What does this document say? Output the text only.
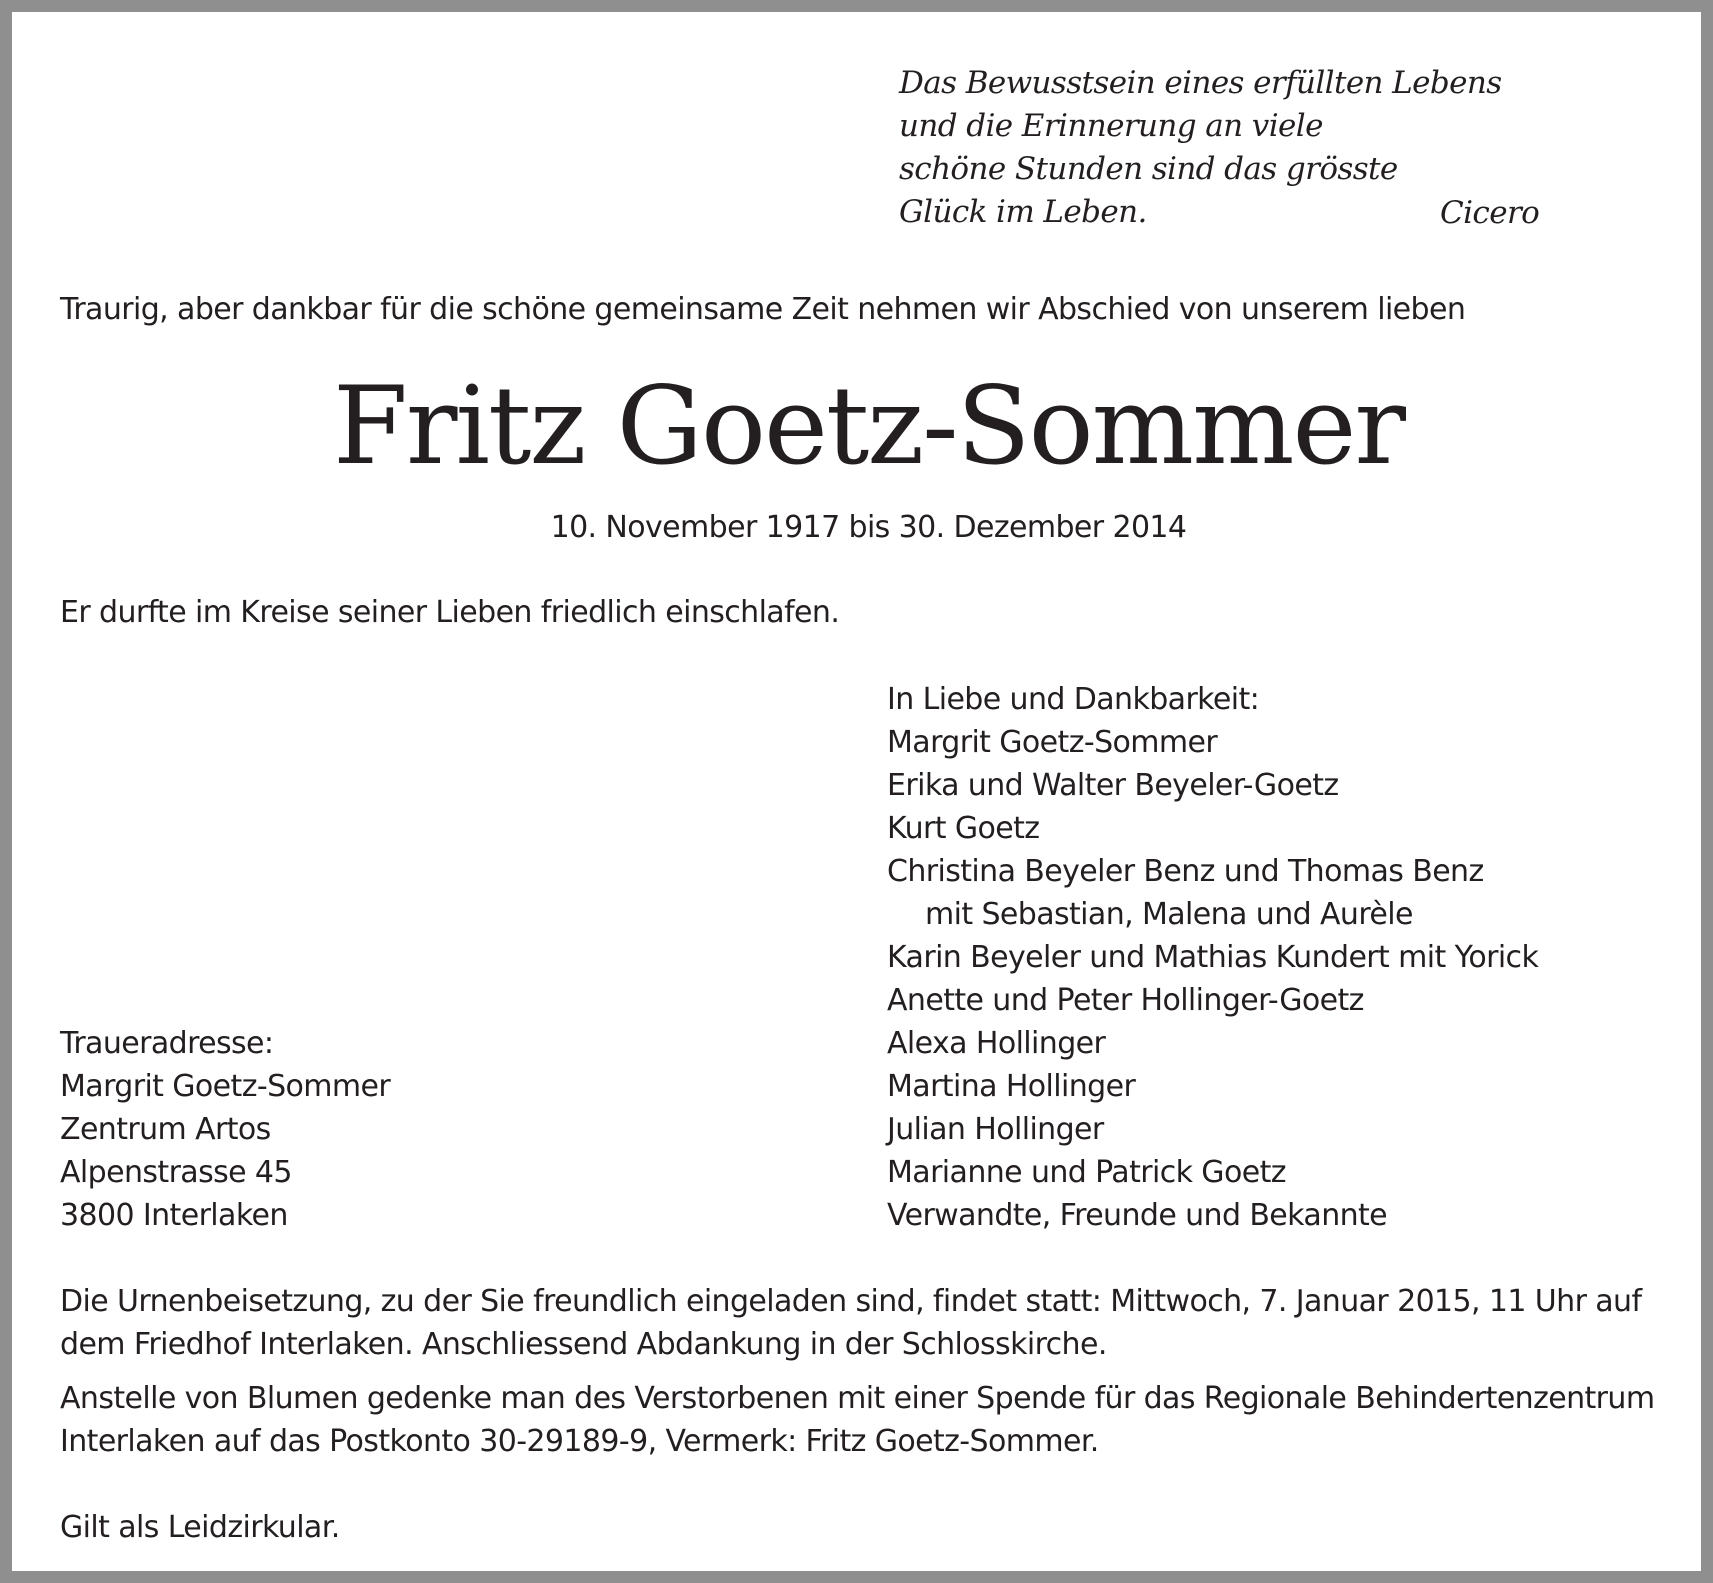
Das Bewusstsein eines erfüllten Lebens
und die Erinnerung an viele
schöne Stunden sind das grösste
Glück im Leben.	Cicero
Traurig, aber dankbar für die schöne gemeinsame Zeit nehmen wir Abschied von unserem lieben
Fritz Goetz-Sommer
10. November 1917 bis 30. Dezember 2014
Er durfte im Kreise seiner Lieben friedlich einschlafen.
In Liebe und Dankbarkeit:
Margrit Goetz-Sommer
Erika und Walter Beyeler-Goetz
Kurt Goetz
Christina Beyeler Benz und Thomas Benz
mit Sebastian, Malena und Aurèle
Karin Beyeler und Mathias Kundert mit Yorick
Anette und Peter Hollinger-Goetz
Alexa Hollinger
Martina Hollinger
Julian Hollinger
Marianne und Patrick Goetz
Verwandte, Freunde und Bekannte
Traueradresse:
Margrit Goetz-Sommer
Zentrum Artos
Alpenstrasse 45
3800 Interlaken
Die Urnenbeisetzung, zu der Sie freundlich eingeladen sind, findet statt: Mittwoch, 7. Januar 2015, 11 Uhr auf
dem Friedhof Interlaken. Anschliessend Abdankung in der Schlosskirche.
Anstelle von Blumen gedenke man des Verstorbenen mit einer Spende für das Regionale Behindertenzentrum
Interlaken auf das Postkonto 30-29189-9, Vermerk: Fritz Goetz-Sommer.
Gilt als Leidzirkular.
